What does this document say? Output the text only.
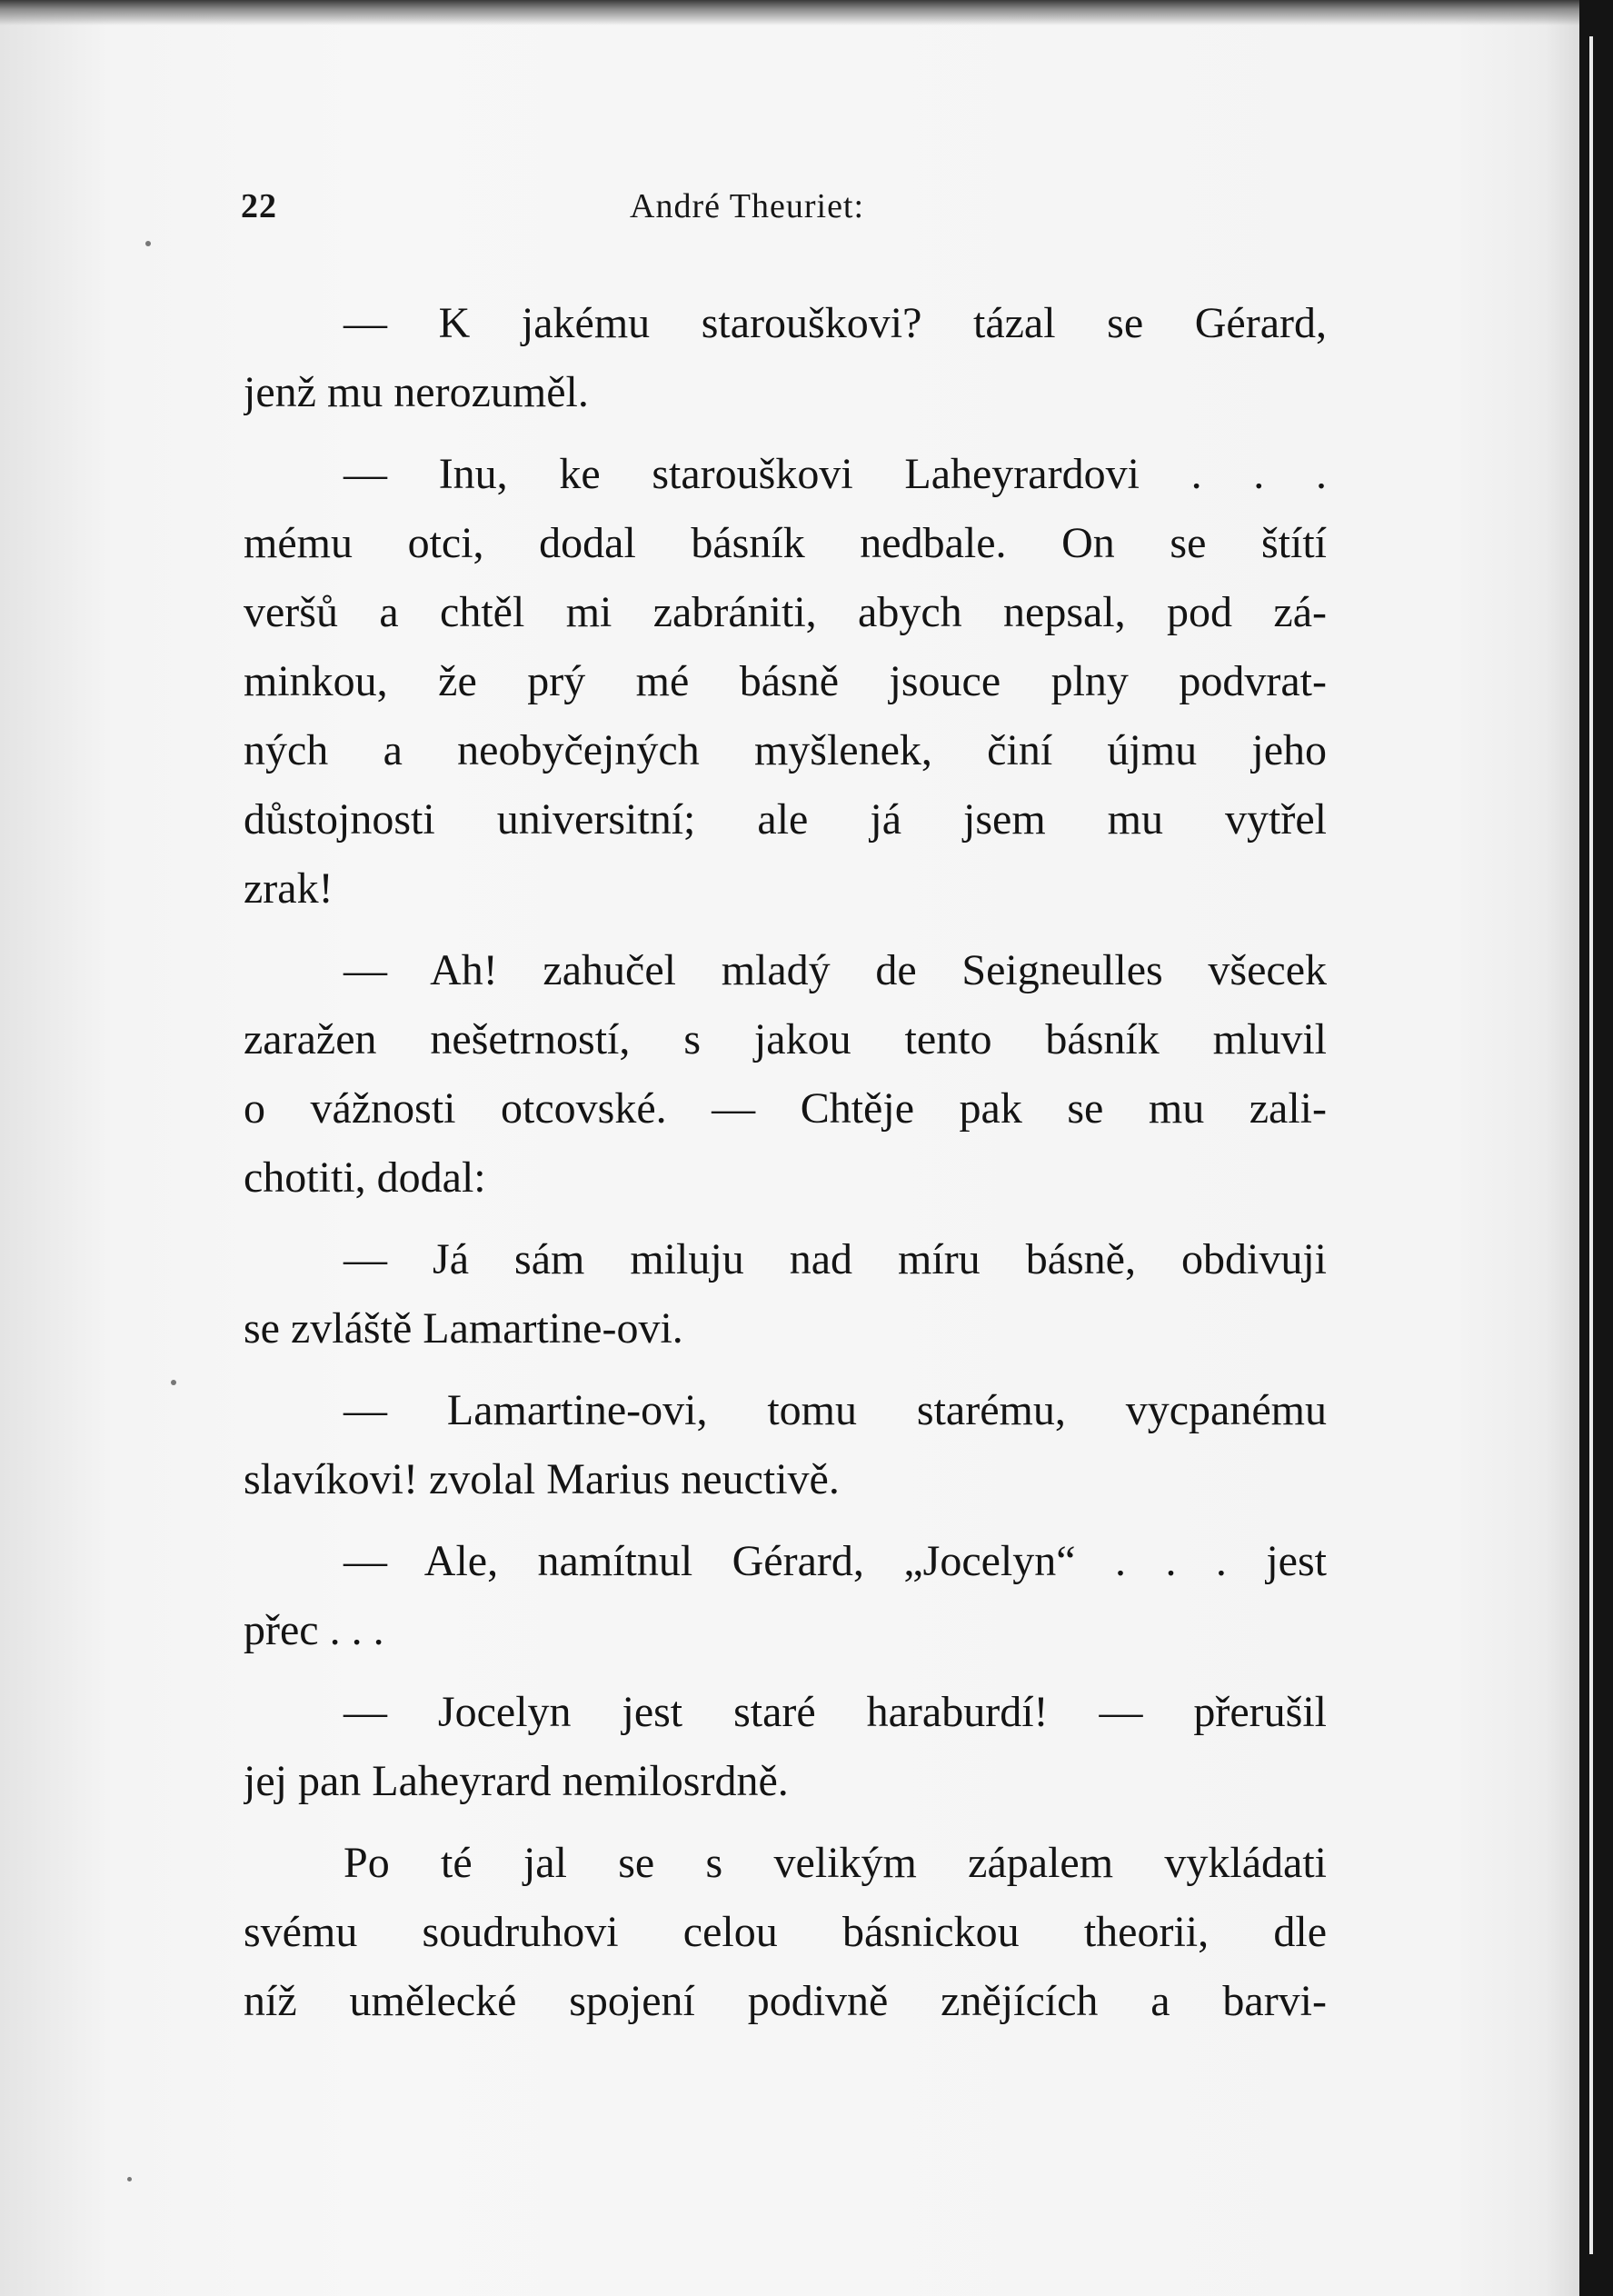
22	André Theuriet:
— K jakému starouškovi? tázal se Gérard,
jenž mu nerozuměl.
— Inu, ke starouškovi Laheyrardovi . . .
mému otci, dodal básník nedbale. On se štítí
veršů a chtěl mi zabrániti, abych nepsal, pod zá-
minkou, že prý mé básně jsouce plny podvrat-
ných a neobyčejných myšlenek, činí újmu jeho
důstojnosti universitní; ale já jsem mu vytřel
zrak!
— Ah! zahučel mladý de Seigneulles všecek
zaražen nešetrností, s jakou tento básník mluvil
o vážnosti otcovské. — Chtěje pak se mu zali-
chotiti, dodal:
— Já sám miluju nad míru básně, obdivuji
se zvláště Lamartine-ovi.
— Lamartine-ovi, tomu starému, vycpanému
slavíkovi! zvolal Marius neuctivě.
— Ale, namítnul Gérard, „Jocelyn“ . . . jest
přec . . .
— Jocelyn jest staré haraburdí! — přerušil
jej pan Laheyrard nemilosrdně.
Po té jal se s velikým zápalem vykládati
svému soudruhovi celou básnickou theorii, dle
níž umělecké spojení podivně znějících a barvi-
